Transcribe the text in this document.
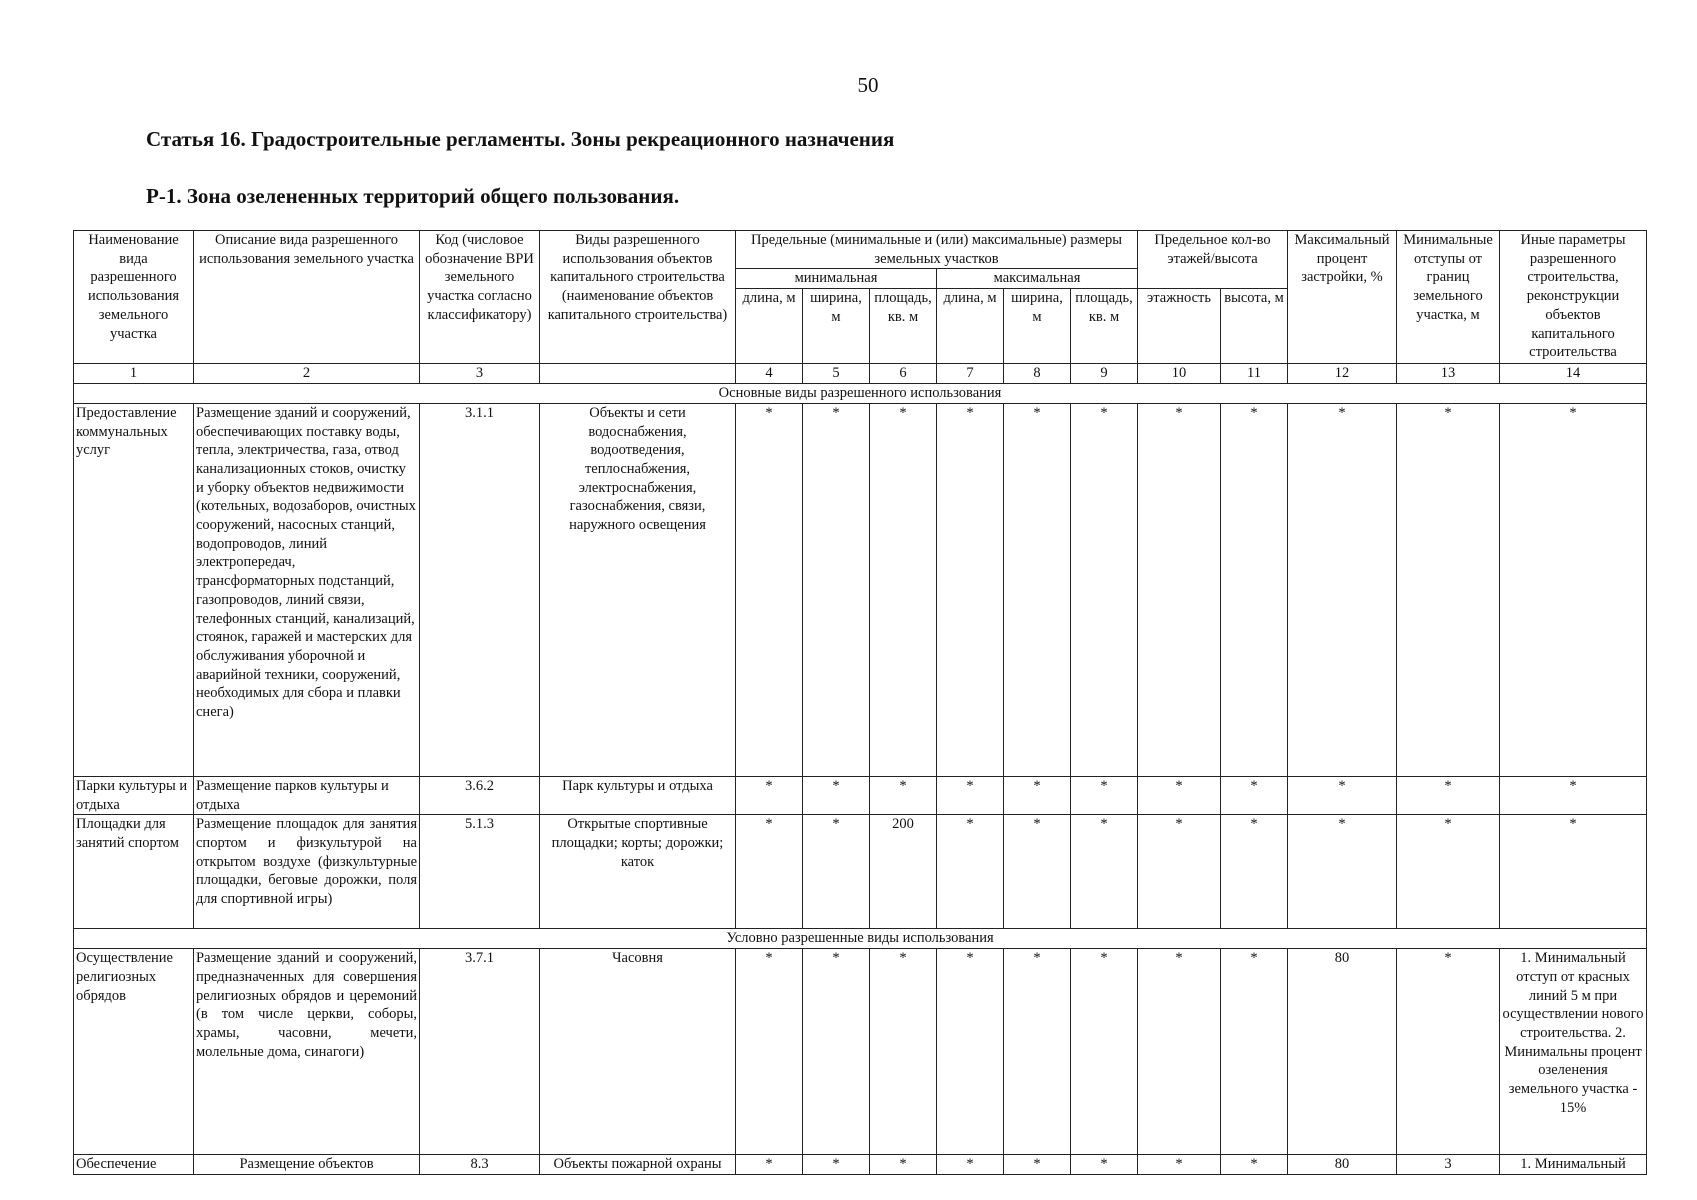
50
Статья 16. Градостроительные регламенты. Зоны рекреационного назначения
Р-1. Зона озелененных территорий общего пользования.
Наименование вида разрешенного использования земельного участка	Описание вида разрешенного использования земельного участка	Код (числовое обозначение ВРИ земельного участка согласно классификатору)	Виды разрешенного использования объектов капитального строительства (наименование объектов капитального строительства)	Предельные (минимальные и (или) максимальные) размеры земельных участков						Предельное кол-во этажей/высота		Максимальный процент застройки, %	Минимальные отступы от границ земельного участка, м	Иные параметры разрешенного строительства, реконструкции объектов капитального строительства
				минимальная			максимальная							
				длина, м	ширина, м	площадь, кв. м	длина, м	ширина, м	площадь, кв. м	этажность	высота, м			
1	2	3		4	5	6	7	8	9	10	11	12	13	14
Основные виды разрешенного использования														
Предоставление коммунальных услуг	Размещение зданий и сооружений, обеспечивающих поставку воды, тепла, электричества, газа, отвод канализационных стоков, очистку и уборку объектов недвижимости (котельных, водозаборов, очистных сооружений, насосных станций, водопроводов, линий электропередач, трансформаторных подстанций, газопроводов, линий связи, телефонных станций, канализаций, стоянок, гаражей и мастерских для обслуживания уборочной и аварийной техники, сооружений, необходимых для сбора и плавки снега)	3.1.1	Объекты и сети водоснабжения, водоотведения, теплоснабжения, электроснабжения, газоснабжения, связи, наружного освещения	*	*	*	*	*	*	*	*	*	*	*
Парки культуры и отдыха	Размещение парков культуры и отдыха	3.6.2	Парк культуры и отдыха	*	*	*	*	*	*	*	*	*	*	*
Площадки для занятий спортом	Размещение площадок для занятия спортом и физкультурой на открытом воздухе (физкультурные площадки, беговые дорожки, поля для спортивной игры)	5.1.3	Открытые спортивные площадки; корты; дорожки; каток	*	*	200	*	*	*	*	*	*	*	*
Условно разрешенные виды использования														
Осуществление религиозных обрядов	Размещение зданий и сооружений, предназначенных для совершения религиозных обрядов и церемоний (в том числе церкви, соборы, храмы, часовни, мечети, молельные дома, синагоги)	3.7.1	Часовня	*	*	*	*	*	*	*	*	80	*	1. Минимальный отступ от красных линий 5 м при осуществлении нового строительства. 2. Минимальны процент озеленения земельного участка - 15%
Обеспечение	Размещение объектов	8.3	Объекты пожарной охраны	*	*	*	*	*	*	*	*	80	3	1. Минимальный
